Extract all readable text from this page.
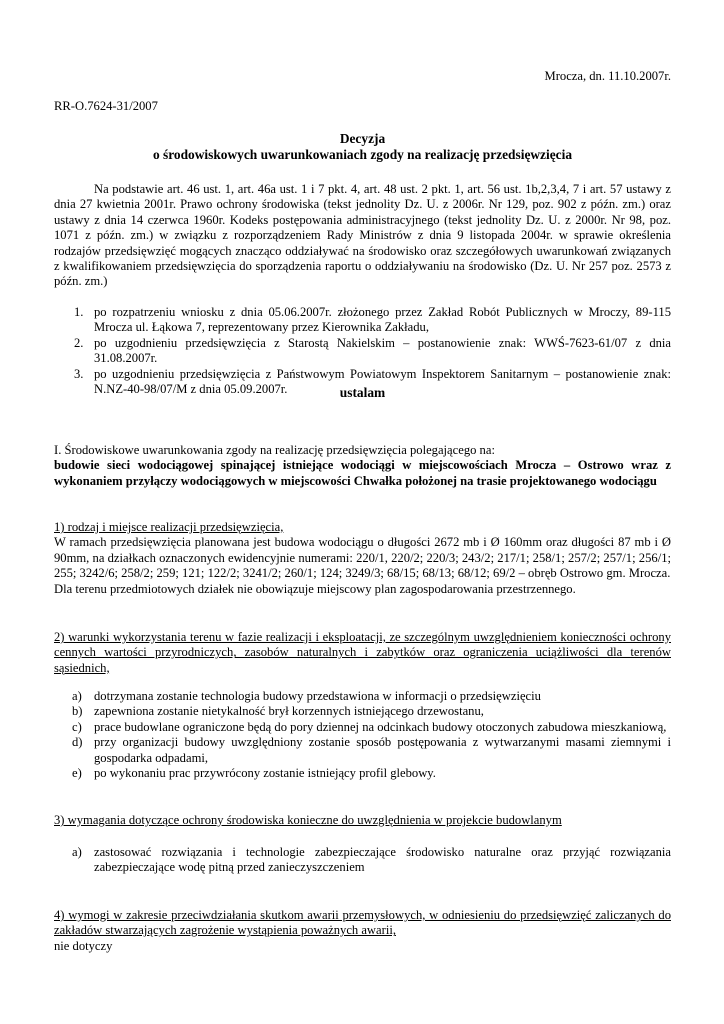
Mrocza, dn. 11.10.2007r.
RR-O.7624-31/2007
Decyzja
o środowiskowych uwarunkowaniach zgody na realizację przedsięwzięcia
Na podstawie art. 46 ust. 1, art. 46a ust. 1 i 7 pkt. 4, art. 48 ust. 2 pkt. 1, art. 56 ust. 1b,2,3,4, 7 i art. 57 ustawy z dnia 27 kwietnia 2001r. Prawo ochrony środowiska (tekst jednolity Dz. U. z 2006r. Nr 129, poz. 902 z późn. zm.) oraz ustawy z dnia 14 czerwca 1960r. Kodeks postępowania administracyjnego (tekst jednolity Dz. U. z 2000r. Nr 98, poz. 1071 z późn. zm.) w związku z rozporządzeniem Rady Ministrów z dnia 9 listopada 2004r. w sprawie określenia rodzajów przedsięwzięć mogących znacząco oddziaływać na środowisko oraz szczegółowych uwarunkowań związanych z kwalifikowaniem przedsięwzięcia do sporządzenia raportu o oddziaływaniu na środowisko (Dz. U. Nr 257 poz. 2573 z późn. zm.)
1. po rozpatrzeniu wniosku z dnia 05.06.2007r. złożonego przez Zakład Robót Publicznych w Mroczy, 89-115 Mrocza ul. Łąkowa 7, reprezentowany przez Kierownika Zakładu,
2. po uzgodnieniu przedsięwzięcia z Starostą Nakielskim – postanowienie znak: WWŚ-7623-61/07 z dnia 31.08.2007r.
3. po uzgodnieniu przedsięwzięcia z Państwowym Powiatowym Inspektorem Sanitarnym – postanowienie znak: N.NZ-40-98/07/M z dnia 05.09.2007r.	ustalam
I. Środowiskowe uwarunkowania zgody na realizację przedsięwzięcia polegającego na:
budowie sieci wodociągowej spinającej istniejące wodociągi w miejscowościach Mrocza – Ostrowo wraz z wykonaniem przyłączy wodociągowych w miejscowości Chwałka położonej na trasie projektowanego wodociągu
1) rodzaj i miejsce realizacji przedsięwzięcia,
W ramach przedsięwzięcia planowana jest budowa wodociągu o długości 2672 mb i Ø 160mm oraz długości 87 mb i Ø 90mm, na działkach oznaczonych ewidencyjnie numerami: 220/1, 220/2; 220/3; 243/2; 217/1; 258/1; 257/2; 257/1; 256/1; 255; 3242/6; 258/2; 259; 121; 122/2; 3241/2; 260/1; 124; 3249/3; 68/15; 68/13; 68/12; 69/2 – obręb Ostrowo gm. Mrocza.
Dla terenu przedmiotowych działek nie obowiązuje miejscowy plan zagospodarowania przestrzennego.
2) warunki wykorzystania terenu w fazie realizacji i eksploatacji, ze szczególnym uwzględnieniem konieczności ochrony cennych wartości przyrodniczych, zasobów naturalnych i zabytków oraz ograniczenia uciążliwości dla terenów sąsiednich,
a) dotrzymana zostanie technologia budowy przedstawiona w informacji o przedsięwzięciu
b) zapewniona zostanie nietykalność brył korzennych istniejącego drzewostanu,
c) prace budowlane ograniczone będą do pory dziennej na odcinkach budowy otoczonych zabudowa mieszkaniową,
d) przy organizacji budowy uwzględniony zostanie sposób postępowania z wytwarzanymi masami ziemnymi i gospodarka odpadami,
e) po wykonaniu prac przywrócony zostanie istniejący profil glebowy.
3) wymagania dotyczące ochrony środowiska konieczne do uwzględnienia w projekcie budowlanym
a) zastosować rozwiązania i technologie zabezpieczające środowisko naturalne oraz przyjąć rozwiązania zabezpieczające wodę pitną przed zanieczyszczeniem
4) wymogi w zakresie przeciwdziałania skutkom awarii przemysłowych, w odniesieniu do przedsięwzięć zaliczanych do zakładów stwarzających zagrożenie wystąpienia poważnych awarii,
nie dotyczy
